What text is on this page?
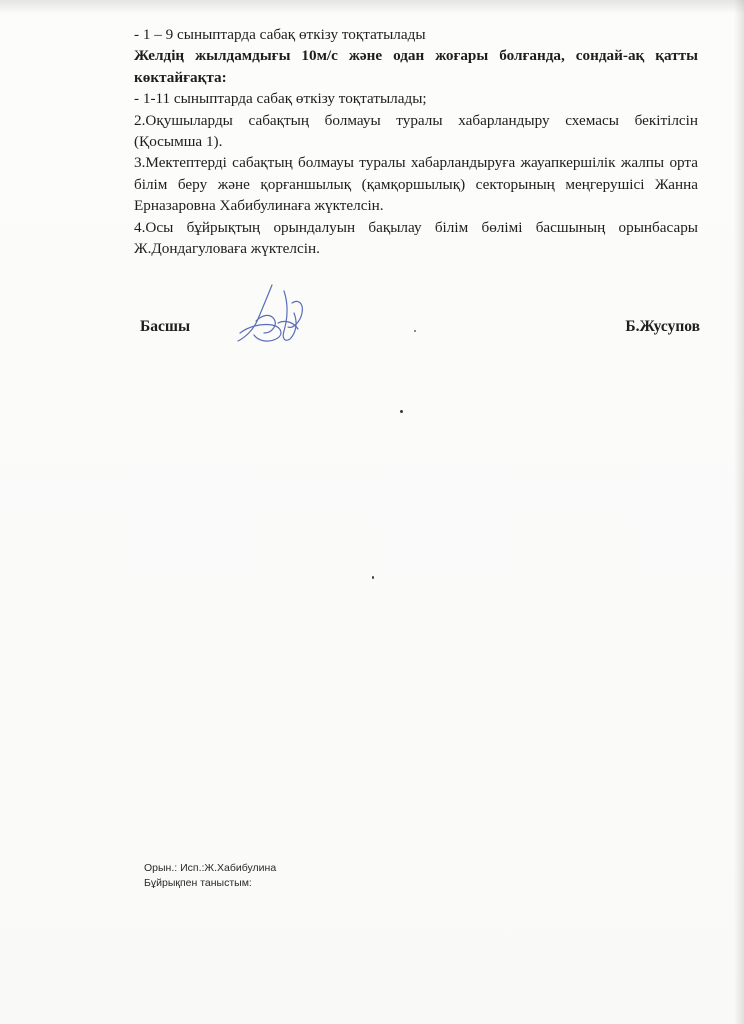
- 1 – 9 сыныптарда сабақ өткізу тоқтатылады

Желдің жылдамдығы 10м/с және одан жоғары болғанда, сондай-ақ қатты көктайғақта:

- 1-11 сыныптарда сабақ өткізу тоқтатылады;

2.Оқушыларды сабақтың болмауы туралы хабарландыру схемасы бекітілсін (Қосымша 1).

3.Мектептерді сабақтың болмауы туралы хабарландыруға жауапкершілік жалпы орта білім беру және қорғаншылық (қамқоршылық) секторының меңгерушісі Жанна Ерназаровна Хабибулинаға жүктелсін.

4.Осы бұйрықтың орындалуын бақылау білім бөлімі басшының орынбасары Ж.Дондагуловаға жүктелсін.

Басшы	Б.Жусупов
Орын.: Исп.:Ж.Хабибулина
Бұйрықпен таныстым:
